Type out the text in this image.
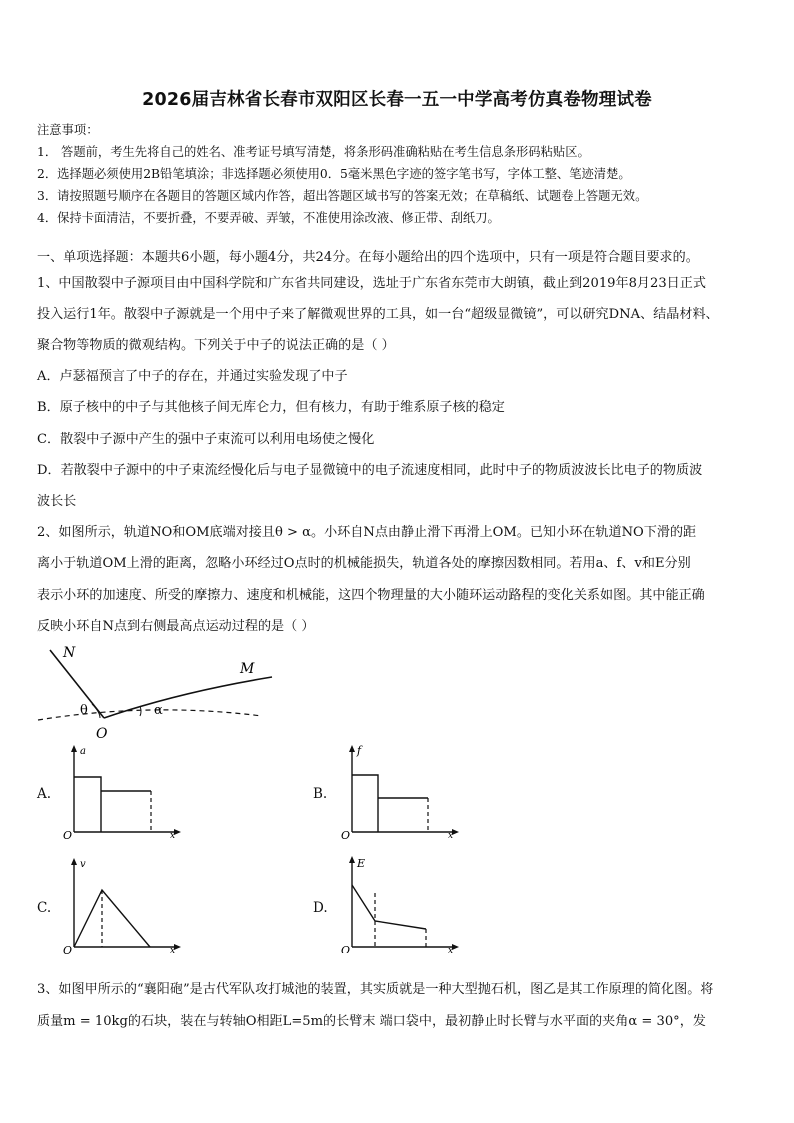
2026届吉林省长春市双阳区长春一五一中学高考仿真卷物理试卷
注意事项：
1． 答题前，考生先将自己的姓名、准考证号填写清楚，将条形码准确粘贴在考生信息条形码粘贴区。
2．选择题必须使用2B铅笔填涂；非选择题必须使用0．5毫米黑色字迹的签字笔书写，字体工整、笔迹清楚。
3．请按照题号顺序在各题目的答题区域内作答，超出答题区域书写的答案无效；在草稿纸、试题卷上答题无效。
4．保持卡面清洁，不要折叠，不要弄破、弄皱，不准使用涂改液、修正带、刮纸刀。
一、单项选择题：本题共6小题，每小题4分，共24分。在每小题给出的四个选项中，只有一项是符合题目要求的。
1、中国散裂中子源项目由中国科学院和广东省共同建设，选址于广东省东莞市大朗镇，截止到2019年8月23日正式
投入运行1年。散裂中子源就是一个用中子来了解微观世界的工具，如一台“超级显微镜”，可以研究DNA、结晶材料、
聚合物等物质的微观结构。下列关于中子的说法正确的是（ ）
A．卢瑟福预言了中子的存在，并通过实验发现了中子
B．原子核中的中子与其他核子间无库仑力，但有核力，有助于维系原子核的稳定
C．散裂中子源中产生的强中子束流可以利用电场使之慢化
D．若散裂中子源中的中子束流经慢化后与电子显微镜中的电子流速度相同，此时中子的物质波波长比电子的物质波
波长长
2、如图所示，轨道NO和OM底端对接且θ > α。小环自N点由静止滑下再滑上OM。已知小环在轨道NO下滑的距
离小于轨道OM上滑的距离，忽略小环经过O点时的机械能损失，轨道各处的摩擦因数相同。若用a、f、v和E分别
表示小环的加速度、所受的摩擦力、速度和机械能，这四个物理量的大小随环运动路程的变化关系如图。其中能正确
反映小环自N点到右侧最高点运动过程的是（ ）
N
M
O
θ	α
A.
a
O	x
B.
f
O	x
C.
v
O	x
D.
E
O	x
3、如图甲所示的“襄阳砲”是古代军队攻打城池的装置，其实质就是一种大型抛石机，图乙是其工作原理的简化图。将
质量m = 10kg的石块，装在与转轴O相距L=5m的长臂末 端口袋中，最初静止时长臂与水平面的夹角α = 30°，发
